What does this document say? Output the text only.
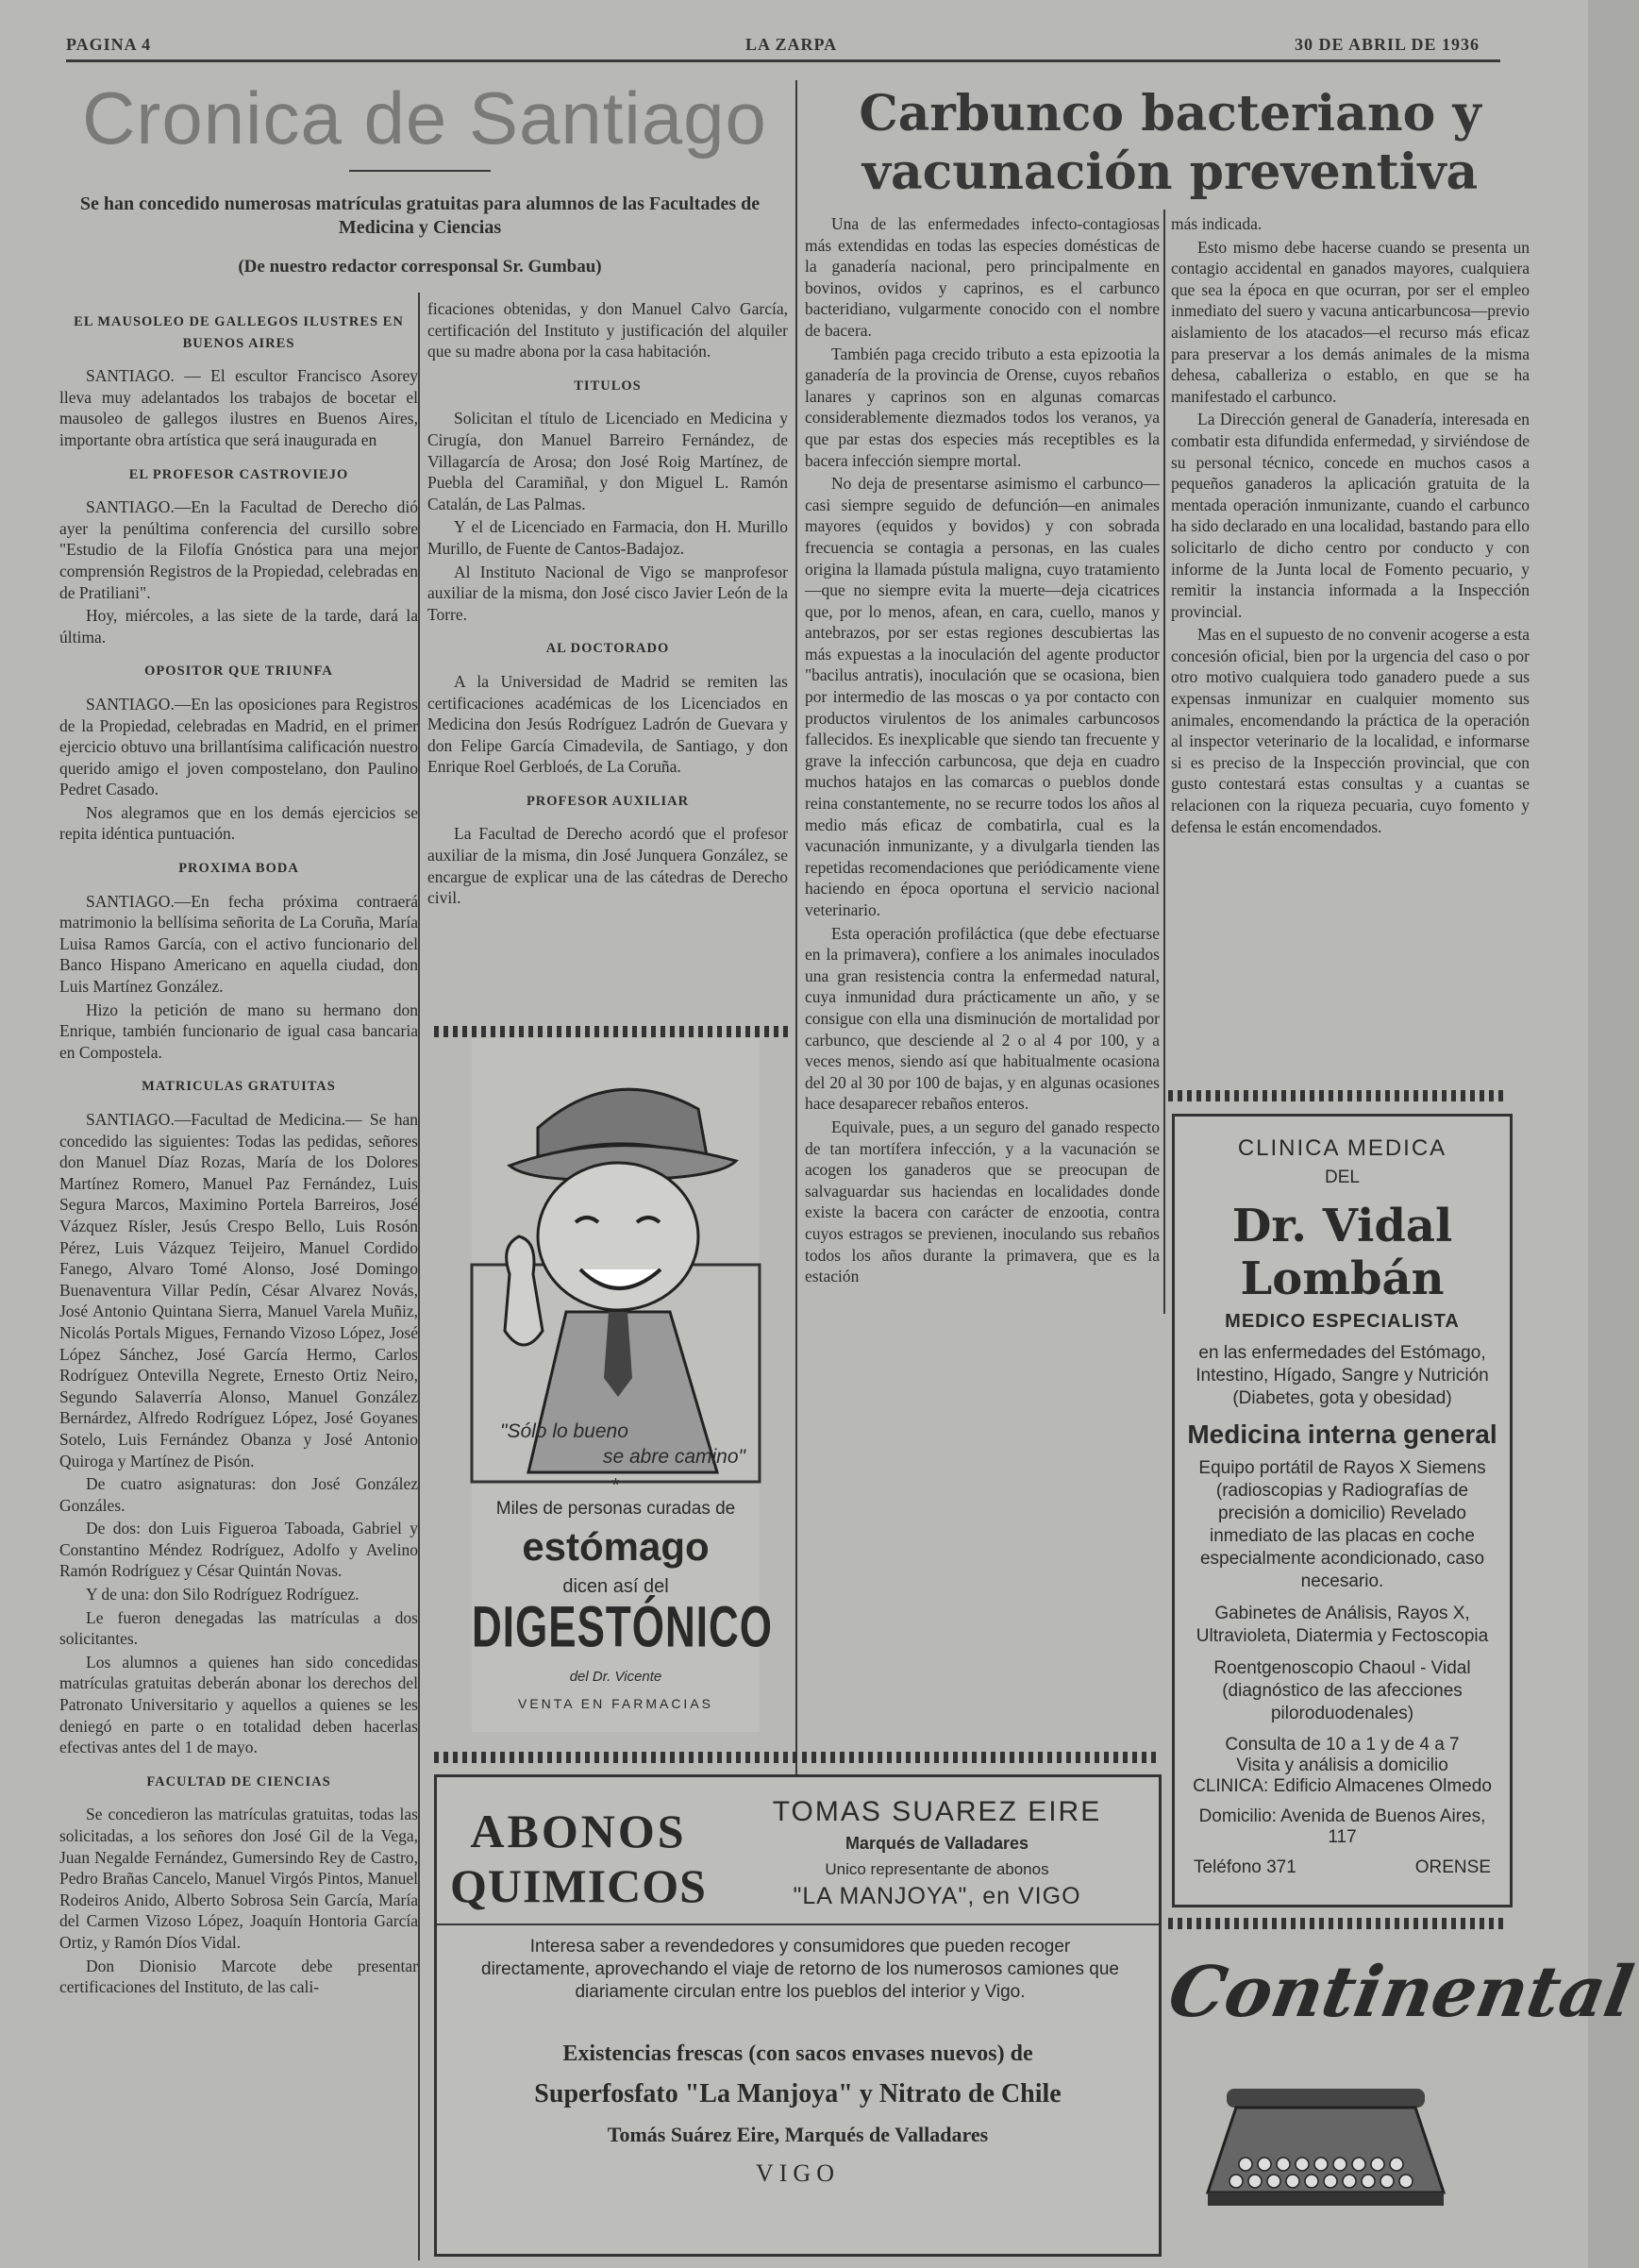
PAGINA 4	LA ZARPA	30 DE ABRIL DE 1936
Cronica de Santiago
Se han concedido numerosas matrículas gratuitas para alumnos de las Facultades de Medicina y Ciencias
(De nuestro redactor corresponsal Sr. Gumbau)
EL MAUSOLEO DE GALLEGOS ILUSTRES EN BUENOS AIRES

SANTIAGO. — El escultor Francisco Asorey lleva muy adelantados los trabajos de bocetar el mausoleo de gallegos ilustres en Buenos Aires, importante obra artística que será inaugurada en

EL PROFESOR CASTROVIEJO

SANTIAGO.—En la Facultad de Derecho dió ayer la penúltima conferencia del cursillo sobre "Estudio de la Filofía Gnóstica para una mejor comprensión Registros de la Propiedad, celebradas en de Pratiliani".

Hoy, miércoles, a las siete de la tarde, dará la última.

OPOSITOR QUE TRIUNFA

SANTIAGO.—En las oposiciones para Registros de la Propiedad, celebradas en Madrid, en el primer ejercicio obtuvo una brillantísima calificación nuestro querido amigo el joven compostelano, don Paulino Pedret Casado.

Nos alegramos que en los demás ejercicios se repita idéntica puntuación.

PROXIMA BODA

SANTIAGO.—En fecha próxima contraerá matrimonio la bellísima señorita de La Coruña, María Luisa Ramos García, con el activo funcionario del Banco Hispano Americano en aquella ciudad, don Luis Martínez González.

Hizo la petición de mano su hermano don Enrique, también funcionario de igual casa bancaria en Compostela.

MATRICULAS GRATUITAS

SANTIAGO.—Facultad de Medicina.— Se han concedido las siguientes: Todas las pedidas, señores don Manuel Díaz Rozas, María de los Dolores Martínez Romero, Manuel Paz Fernández, Luis Segura Marcos, Maximino Portela Barreiros, José Vázquez Rísler, Jesús Crespo Bello, Luis Rosón Pérez, Luis Vázquez Teijeiro, Manuel Cordido Fanego, Alvaro Tomé Alonso, José Domingo Buenaventura Villar Pedín, César Alvarez Novás, José Antonio Quintana Sierra, Manuel Varela Muñiz, Nicolás Portals Migues, Fernando Vizoso López, José López Sánchez, José García Hermo, Carlos Rodríguez Ontevilla Negrete, Ernesto Ortiz Neiro, Segundo Salaverría Alonso, Manuel González Bernárdez, Alfredo Rodríguez López, José Goyanes Sotelo, Luis Fernández Obanza y José Antonio Quiroga y Martínez de Pisón.

De cuatro asignaturas: don José González Gonzáles.

De dos: don Luis Figueroa Taboada, Gabriel y Constantino Méndez Rodríguez, Adolfo y Avelino Ramón Rodríguez y César Quintán Novas.

Y de una: don Silo Rodríguez Rodríguez.

Le fueron denegadas las matrículas a dos solicitantes.

Los alumnos a quienes han sido concedidas matrículas gratuitas deberán abonar los derechos del Patronato Universitario y aquellos a quienes se les deniegó en parte o en totalidad deben hacerlas efectivas antes del 1 de mayo.

FACULTAD DE CIENCIAS

Se concedieron las matrículas gratuitas, todas las solicitadas, a los señores don José Gil de la Vega, Juan Negalde Fernández, Gumersindo Rey de Castro, Pedro Brañas Cancelo, Manuel Virgós Pintos, Manuel Rodeiros Anido, Alberto Sobrosa Sein García, María del Carmen Vizoso López, Joaquín Hontoria García Ortiz, y Ramón Díos Vidal.

Don Dionisio Marcote debe presentar certificaciones del Instituto, de las cali-

ficaciones obtenidas, y don Manuel Calvo García, certificación del Instituto y justificación del alquiler que su madre abona por la casa habitación.

TITULOS

Solicitan el título de Licenciado en Medicina y Cirugía, don Manuel Barreiro Fernández, de Villagarcía de Arosa; don José Roig Martínez, de Puebla del Caramiñal, y don Miguel L. Ramón Catalán, de Las Palmas.

Y el de Licenciado en Farmacia, don H. Murillo Murillo, de Fuente de Cantos-Badajoz.

Al Instituto Nacional de Vigo se manprofesor auxiliar de la misma, don José cisco Javier León de la Torre.

AL DOCTORADO

A la Universidad de Madrid se remiten las certificaciones académicas de los Licenciados en Medicina don Jesús Rodríguez Ladrón de Guevara y don Felipe García Cimadevila, de Santiago, y don Enrique Roel Gerbloés, de La Coruña.

PROFESOR AUXILIAR

La Facultad de Derecho acordó que el profesor auxiliar de la misma, din José Junquera González, se encargue de explicar una de las cátedras de Derecho civil.

Carbunco bacteriano y vacunación preventiva

Una de las enfermedades infecto-contagiosas más extendidas en todas las especies domésticas de la ganadería nacional, pero principalmente en bovinos, ovidos y caprinos, es el carbunco bacteridiano, vulgarmente conocido con el nombre de bacera.

También paga crecido tributo a esta epizootia la ganadería de la provincia de Orense, cuyos rebaños lanares y caprinos son en algunas comarcas considerablemente diezmados todos los veranos, ya que par estas dos especies más receptibles es la bacera infección siempre mortal.

No deja de presentarse asimismo el carbunco—casi siempre seguido de defunción—en animales mayores (equidos y bovidos) y con sobrada frecuencia se contagia a personas, en las cuales origina la llamada pústula maligna, cuyo tratamiento—que no siempre evita la muerte—deja cicatrices que, por lo menos, afean, en cara, cuello, manos y antebrazos, por ser estas regiones descubiertas las más expuestas a la inoculación del agente productor "bacilus antratis), inoculación que se ocasiona, bien por intermedio de las moscas o ya por contacto con productos virulentos de los animales carbuncosos fallecidos. Es inexplicable que siendo tan frecuente y grave la infección carbuncosa, que deja en cuadro muchos hatajos en las comarcas o pueblos donde reina constantemente, no se recurre todos los años al medio más eficaz de combatirla, cual es la vacunación inmunizante, y a divulgarla tienden las repetidas recomendaciones que periódicamente viene haciendo en época oportuna el servicio nacional veterinario.

Esta operación profiláctica (que debe efectuarse en la primavera), confiere a los animales inoculados una gran resistencia contra la enfermedad natural, cuya inmunidad dura prácticamente un año, y se consigue con ella una disminución de mortalidad por carbunco, que desciende al 2 o al 4 por 100, y a veces menos, siendo así que habitualmente ocasiona del 20 al 30 por 100 de bajas, y en algunas ocasiones hace desaparecer rebaños enteros.

Equivale, pues, a un seguro del ganado respecto de tan mortífera infección, y a la vacunación se acogen los ganaderos que se preocupan de salvaguardar sus haciendas en localidades donde existe la bacera con carácter de enzootia, contra cuyos estragos se previenen, inoculando sus rebaños todos los años durante la primavera, que es la estación

más indicada.

Esto mismo debe hacerse cuando se presenta un contagio accidental en ganados mayores, cualquiera que sea la época en que ocurran, por ser el empleo inmediato del suero y vacuna anticarbuncosa—previo aislamiento de los atacados—el recurso más eficaz para preservar a los demás animales de la misma dehesa, caballeriza o establo, en que se ha manifestado el carbunco.

La Dirección general de Ganadería, interesada en combatir esta difundida enfermedad, y sirviéndose de su personal técnico, concede en muchos casos a pequeños ganaderos la aplicación gratuita de la mentada operación inmunizante, cuando el carbunco ha sido declarado en una localidad, bastando para ello solicitarlo de dicho centro por conducto y con informe de la Junta local de Fomento pecuario, y remitir la instancia informada a la Inspección provincial.

Mas en el supuesto de no convenir acogerse a esta concesión oficial, bien por la urgencia del caso o por otro motivo cualquiera todo ganadero puede a sus expensas inmunizar en cualquier momento sus animales, encomendando la práctica de la operación al inspector veterinario de la localidad, e informarse si es preciso de la Inspección provincial, que con gusto contestará estas consultas y a cuantas se relacionen con la riqueza pecuaria, cuyo fomento y defensa le están encomendados.

"Sólo lo bueno
se abre camino"
*
Miles de personas curadas de
estómago
dicen así del
DIGESTÓNICO
del Dr. Vicente
VENTA EN FARMACIAS
CLINICA MEDICA
DEL
Dr. Vidal Lombán
MEDICO ESPECIALISTA
en las enfermedades del Estómago, Intestino, Hígado, Sangre y Nutrición (Diabetes, gota y obesidad)
Medicina interna general
Equipo portátil de Rayos X Siemens (radioscopias y Radiografías de precisión a domicilio) Revelado inmediato de las placas en coche especialmente acondicionado, caso necesario.
Gabinetes de Análisis, Rayos X, Ultravioleta, Diatermia y Fectoscopia
Roentgenoscopio Chaoul - Vidal (diagnóstico de las afecciones piloroduodenales)
Consulta de 10 a 1 y de 4 a 7
Visita y análisis a domicilio
CLINICA: Edificio Almacenes Olmedo
Domicilio: Avenida de Buenos Aires, 117
Teléfono 371	ORENSE
ABONOS
QUIMICOS
TOMAS SUAREZ EIRE
Marqués de Valladares
Unico representante de abonos
"LA MANJOYA", en VIGO
Interesa saber a revendedores y consumidores que pueden recoger directamente, aprovechando el viaje de retorno de los numerosos camiones que diariamente circulan entre los pueblos del interior y Vigo.
Existencias frescas (con sacos envases nuevos) de
Superfosfato "La Manjoya" y Nitrato de Chile
Tomás Suárez Eire, Marqués de Valladares
VIGO
Continental
